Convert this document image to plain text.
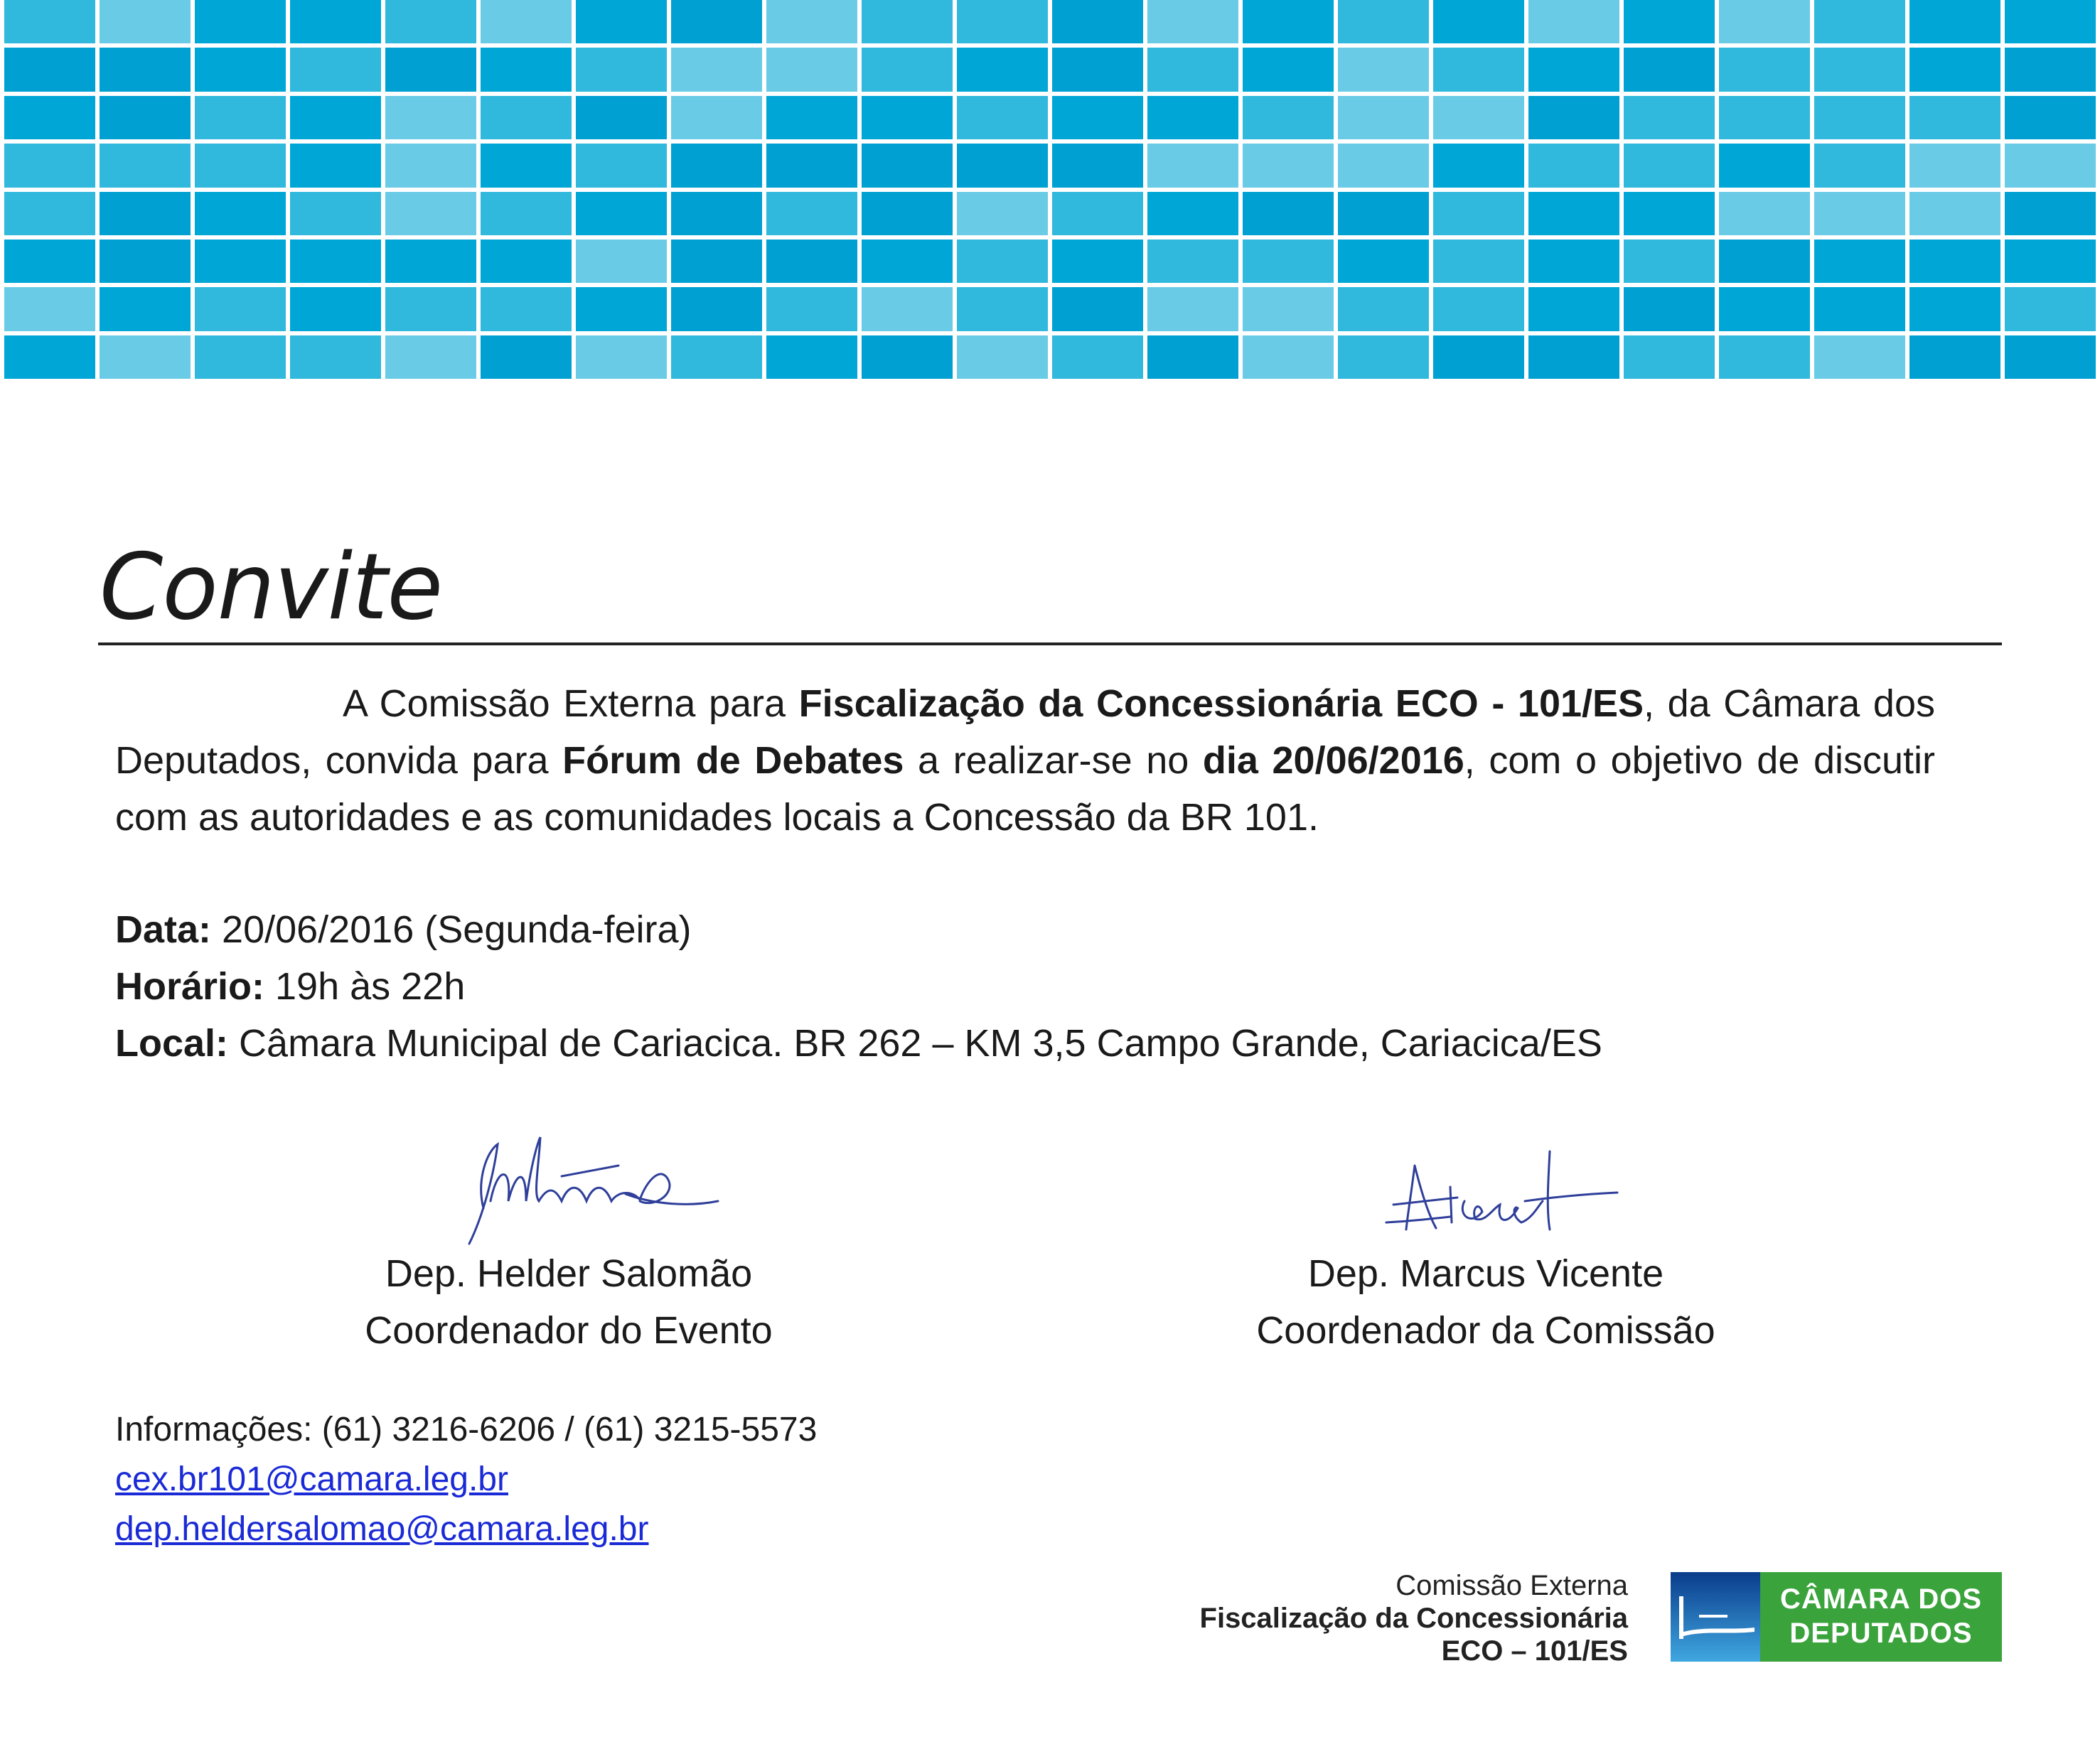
Convite

A Comissão Externa para Fiscalização da Concessionária ECO - 101/ES, da Câmara dos Deputados, convida para Fórum de Debates a realizar-se no dia 20/06/2016, com o objetivo de discutir com as autoridades e as comunidades locais a Concessão da BR 101.

Data: 20/06/2016 (Segunda-feira)
Horário: 19h às 22h
Local: Câmara Municipal de Cariacica. BR 262 – KM 3,5 Campo Grande, Cariacica/ES
Dep. Helder Salomão
Coordenador do Evento
Dep. Marcus Vicente
Coordenador da Comissão
Informações: (61) 3216-6206 / (61) 3215-5573
cex.br101@camara.leg.br
dep.heldersalomao@camara.leg.br
Comissão Externa
Fiscalização da Concessionária
ECO – 101/ES
CÂMARA DOS
DEPUTADOS
